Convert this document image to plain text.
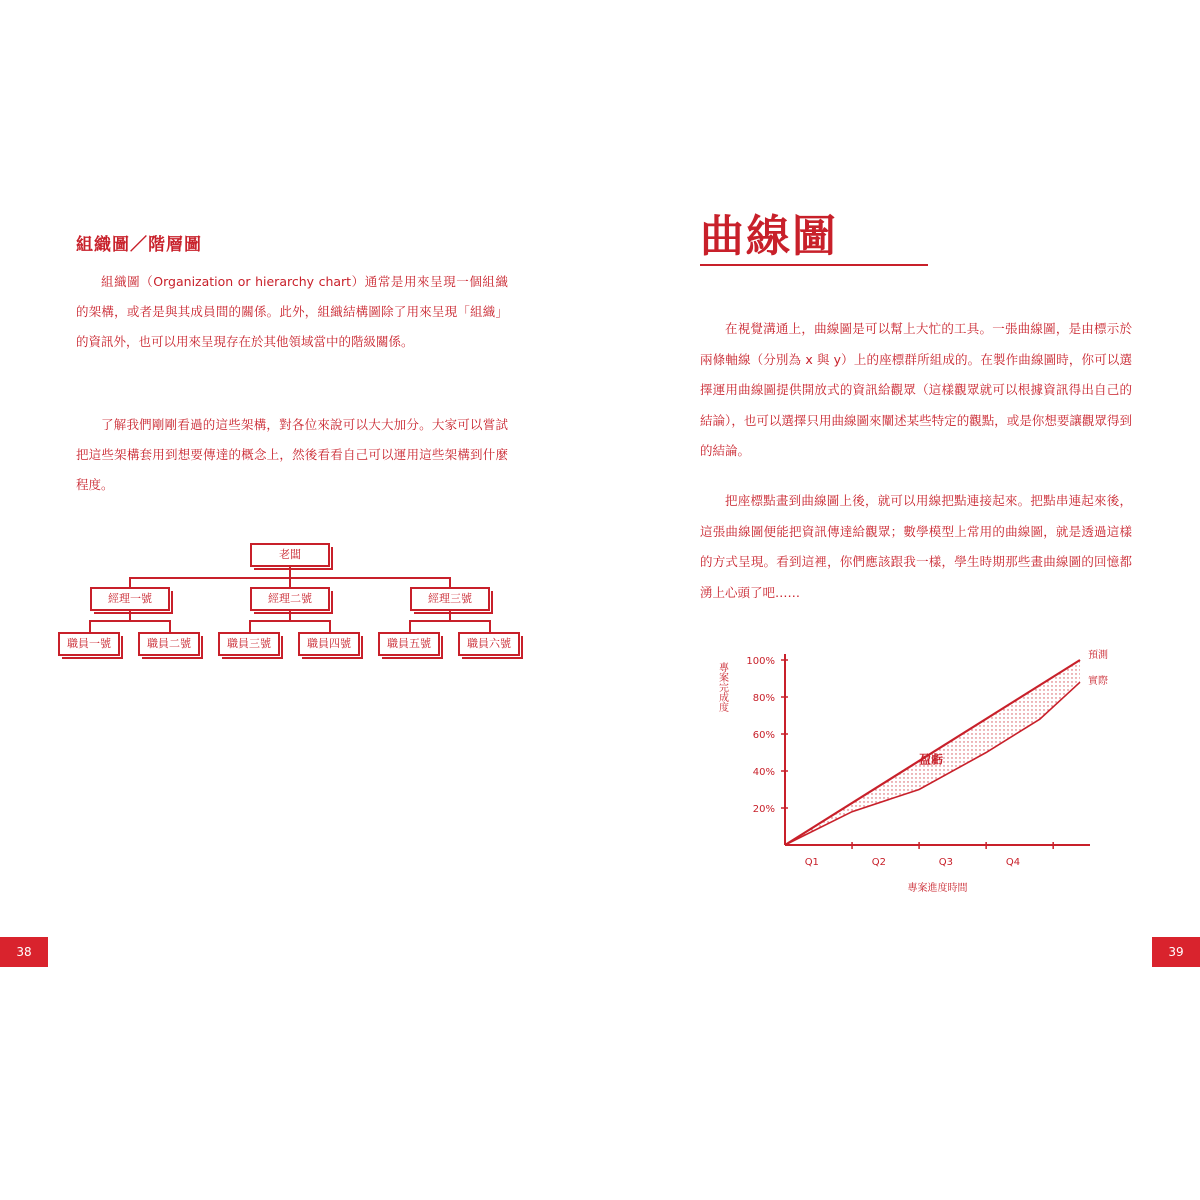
組織圖／階層圖

組織圖（Organization or hierarchy chart）通常是用來呈現一個組織的架構，或者是與其成員間的關係。此外，組織結構圖除了用來呈現「組織」的資訊外，也可以用來呈現存在於其他領域當中的階級關係。

了解我們剛剛看過的這些架構，對各位來說可以大大加分。大家可以嘗試把這些架構套用到想要傳達的概念上，然後看看自己可以運用這些架構到什麼程度。

老闆
經理一號	經理二號	經理三號
職員一號	職員二號	職員三號	職員四號	職員五號	職員六號
38
曲線圖

在視覺溝通上，曲線圖是可以幫上大忙的工具。一張曲線圖，是由標示於兩條軸線（分別為 x 與 y）上的座標群所組成的。在製作曲線圖時，你可以選擇運用曲線圖提供開放式的資訊給觀眾（這樣觀眾就可以根據資訊得出自己的結論），也可以選擇只用曲線圖來闡述某些特定的觀點，或是你想要讓觀眾得到的結論。

把座標點畫到曲線圖上後，就可以用線把點連接起來。把點串連起來後，這張曲線圖便能把資訊傳達給觀眾；數學模型上常用的曲線圖，就是透過這樣的方式呈現。看到這裡，你們應該跟我一樣，學生時期那些畫曲線圖的回憶都湧上心頭了吧……

20%
40%
60%
80%
100%
Q1	Q2	Q3	Q4
預測
實際
盈虧
專案進度時間
專案完成度
39
